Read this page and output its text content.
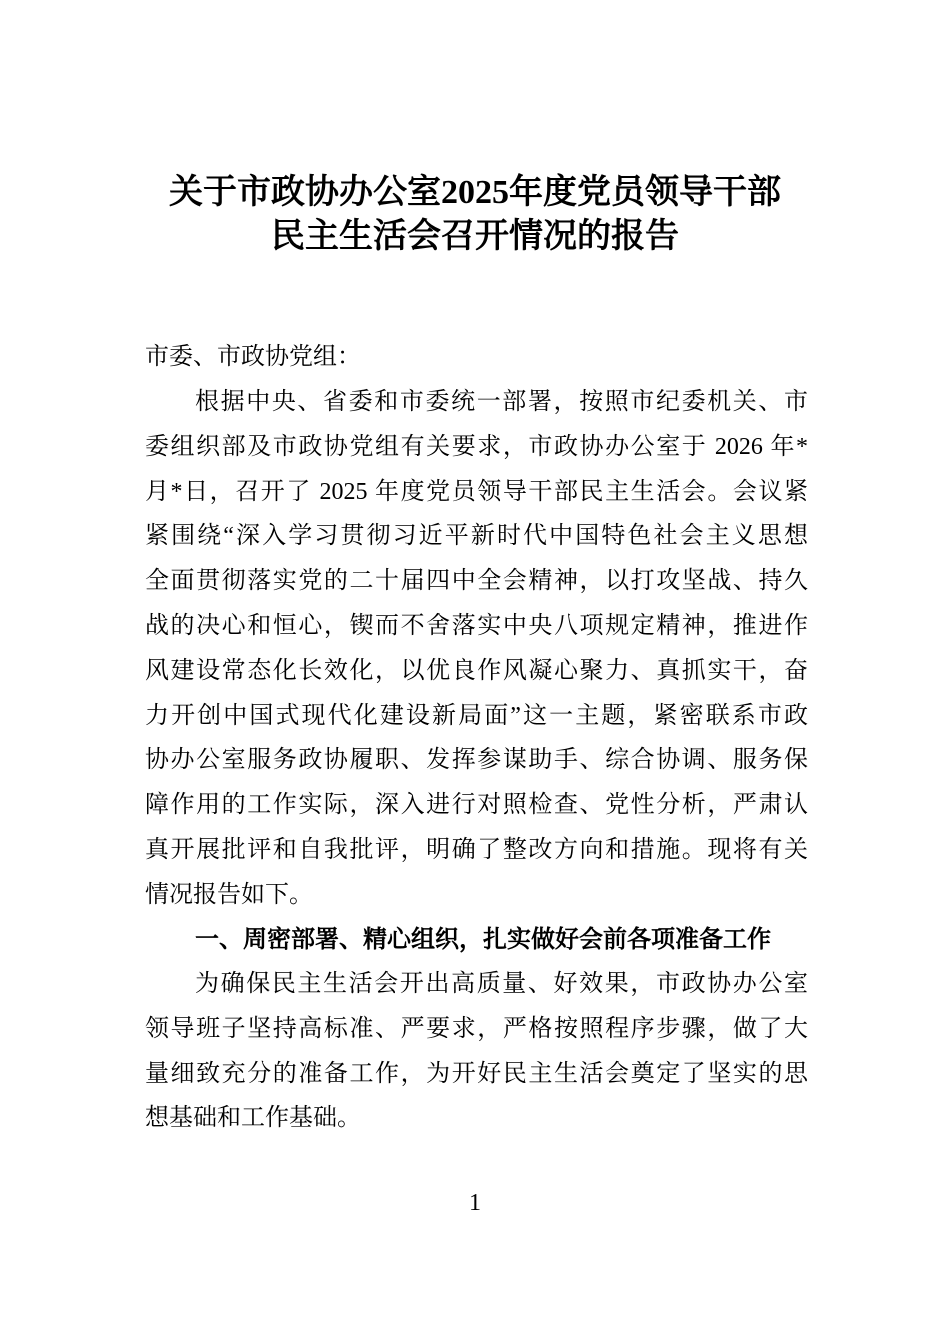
关于市政协办公室2025年度党员领导干部
民主生活会召开情况的报告
市委、市政协党组：
根据中央、省委和市委统一部署，按照市纪委机关、市
委组织部及市政协党组有关要求，市政协办公室于 2026 年*
月*日，召开了 2025 年度党员领导干部民主生活会。会议紧
紧围绕“深入学习贯彻习近平新时代中国特色社会主义思想
全面贯彻落实党的二十届四中全会精神，以打攻坚战、持久
战的决心和恒心，锲而不舍落实中央八项规定精神，推进作
风建设常态化长效化，以优良作风凝心聚力、真抓实干，奋
力开创中国式现代化建设新局面”这一主题，紧密联系市政
协办公室服务政协履职、发挥参谋助手、综合协调、服务保
障作用的工作实际，深入进行对照检查、党性分析，严肃认
真开展批评和自我批评，明确了整改方向和措施。现将有关
情况报告如下。
一、周密部署、精心组织，扎实做好会前各项准备工作
为确保民主生活会开出高质量、好效果，市政协办公室
领导班子坚持高标准、严要求，严格按照程序步骤，做了大
量细致充分的准备工作，为开好民主生活会奠定了坚实的思
想基础和工作基础。
1
